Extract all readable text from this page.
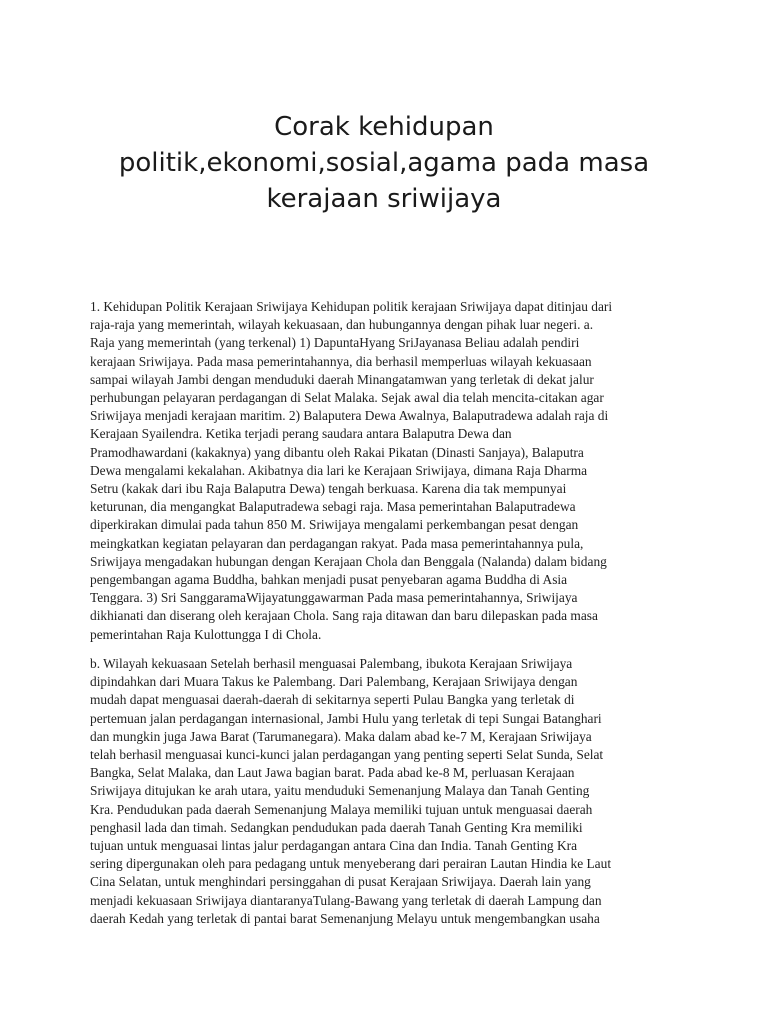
Corak kehidupan
politik,ekonomi,sosial,agama pada masa
kerajaan sriwijaya
1. Kehidupan Politik Kerajaan Sriwijaya Kehidupan politik kerajaan Sriwijaya dapat ditinjau dari
raja-raja yang memerintah, wilayah kekuasaan, dan hubungannya dengan pihak luar negeri. a.
Raja yang memerintah (yang terkenal) 1) DapuntaHyang SriJayanasa Beliau adalah pendiri
kerajaan Sriwijaya. Pada masa pemerintahannya, dia berhasil memperluas wilayah kekuasaan
sampai wilayah Jambi dengan menduduki daerah Minangatamwan yang terletak di dekat jalur
perhubungan pelayaran perdagangan di Selat Malaka. Sejak awal dia telah mencita-citakan agar
Sriwijaya menjadi kerajaan maritim. 2) Balaputera Dewa Awalnya, Balaputradewa adalah raja di
Kerajaan Syailendra. Ketika terjadi perang saudara antara Balaputra Dewa dan
Pramodhawardani (kakaknya) yang dibantu oleh Rakai Pikatan (Dinasti Sanjaya), Balaputra
Dewa mengalami kekalahan. Akibatnya dia lari ke Kerajaan Sriwijaya, dimana Raja Dharma
Setru (kakak dari ibu Raja Balaputra Dewa) tengah berkuasa. Karena dia tak mempunyai
keturunan, dia mengangkat Balaputradewa sebagi raja. Masa pemerintahan Balaputradewa
diperkirakan dimulai pada tahun 850 M. Sriwijaya mengalami perkembangan pesat dengan
meingkatkan kegiatan pelayaran dan perdagangan rakyat. Pada masa pemerintahannya pula,
Sriwijaya mengadakan hubungan dengan Kerajaan Chola dan Benggala (Nalanda) dalam bidang
pengembangan agama Buddha, bahkan menjadi pusat penyebaran agama Buddha di Asia
Tenggara. 3) Sri SanggaramaWijayatunggawarman Pada masa pemerintahannya, Sriwijaya
dikhianati dan diserang oleh kerajaan Chola. Sang raja ditawan dan baru dilepaskan pada masa
pemerintahan Raja Kulottunggа I di Chola.
b. Wilayah kekuasaan Setelah berhasil menguasai Palembang, ibukota Kerajaan Sriwijaya
dipindahkan dari Muara Takus ke Palembang. Dari Palembang, Kerajaan Sriwijaya dengan
mudah dapat menguasai daerah-daerah di sekitarnya seperti Pulau Bangka yang terletak di
pertemuan jalan perdagangan internasional, Jambi Hulu yang terletak di tepi Sungai Batanghari
dan mungkin juga Jawa Barat (Tarumanegara). Maka dalam abad ke-7 M, Kerajaan Sriwijaya
telah berhasil menguasai kunci-kunci jalan perdagangan yang penting seperti Selat Sunda, Selat
Bangka, Selat Malaka, dan Laut Jawa bagian barat. Pada abad ke-8 M, perluasan Kerajaan
Sriwijaya ditujukan ke arah utara, yaitu menduduki Semenanjung Malaya dan Tanah Genting
Kra. Pendudukan pada daerah Semenanjung Malaya memiliki tujuan untuk menguasai daerah
penghasil lada dan timah. Sedangkan pendudukan pada daerah Tanah Genting Kra memiliki
tujuan untuk menguasai lintas jalur perdagangan antara Cina dan India. Tanah Genting Kra
sering dipergunakan oleh para pedagang untuk menyeberang dari perairan Lautan Hindia ke Laut
Cina Selatan, untuk menghindari persinggahan di pusat Kerajaan Sriwijaya. Daerah lain yang
menjadi kekuasaan Sriwijaya diantaranyaTulang-Bawang yang terletak di daerah Lampung dan
daerah Kedah yang terletak di pantai barat Semenanjung Melayu untuk mengembangkan usaha
